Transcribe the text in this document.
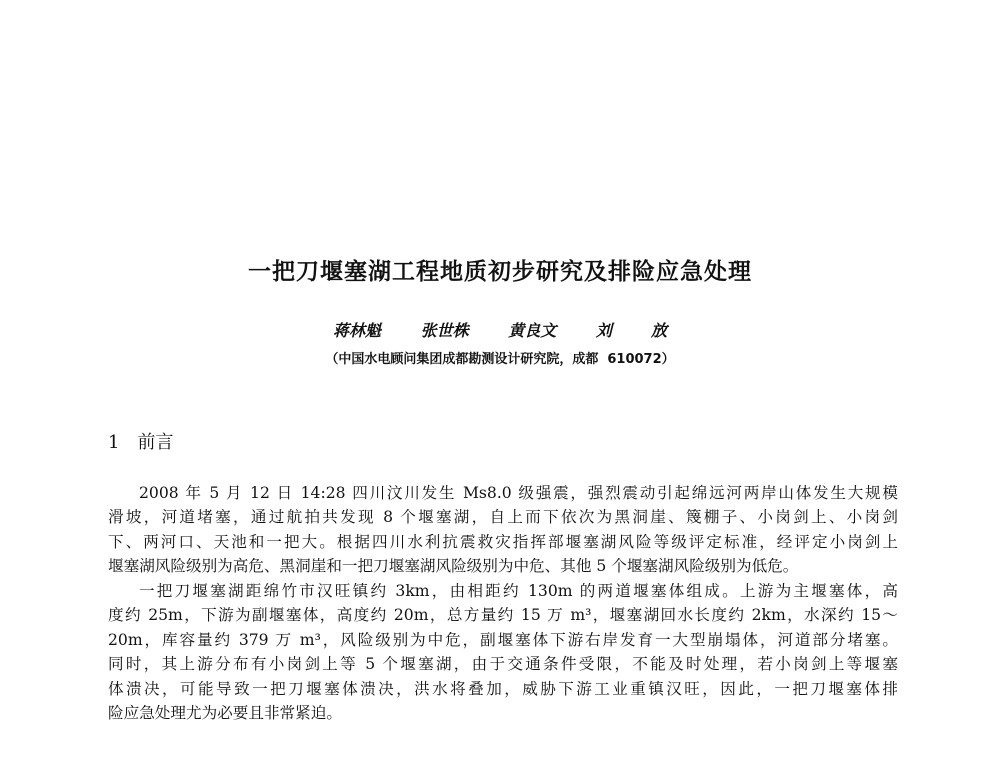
一把刀堰塞湖工程地质初步研究及排险应急处理
蒋林魁 张世株 黄良文 刘  放
（中国水电顾问集团成都勘测设计研究院，成都  610072）
1 前言
2008 年 5 月 12 日 14:28 四川汶川发生 Ms8.0 级强震，强烈震动引起绵远河两岸山体发生大规模
滑坡，河道堵塞，通过航拍共发现 8 个堰塞湖，自上而下依次为黑洞崖、篾棚子、小岗剑上、小岗剑
下、两河口、天池和一把大。根据四川水利抗震救灾指挥部堰塞湖风险等级评定标准，经评定小岗剑上
堰塞湖风险级别为高危、黑洞崖和一把刀堰塞湖风险级别为中危、其他 5 个堰塞湖风险级别为低危。
一把刀堰塞湖距绵竹市汉旺镇约 3km，由相距约 130m 的两道堰塞体组成。上游为主堰塞体，高
度约 25m，下游为副堰塞体，高度约 20m，总方量约 15 万 m³，堰塞湖回水长度约 2km，水深约 15～
20m，库容量约 379 万 m³，风险级别为中危，副堰塞体下游右岸发育一大型崩塌体，河道部分堵塞。
同时，其上游分布有小岗剑上等 5 个堰塞湖，由于交通条件受限，不能及时处理，若小岗剑上等堰塞
体溃决，可能导致一把刀堰塞体溃决，洪水将叠加，威胁下游工业重镇汉旺，因此，一把刀堰塞体排
险应急处理尤为必要且非常紧迫。
